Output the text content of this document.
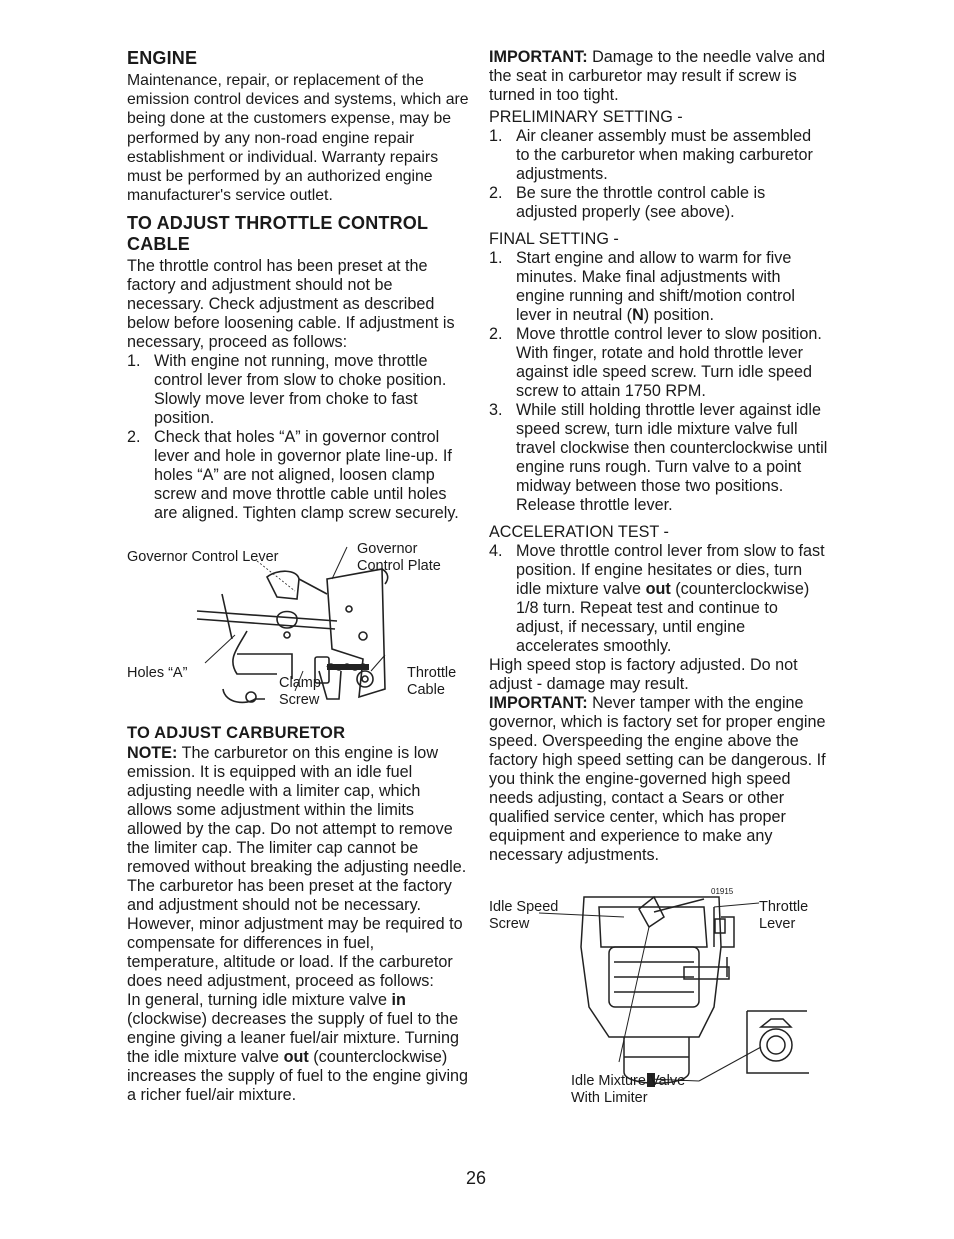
ENGINE

Maintenance, repair, or replacement of the emission control devices and systems, which are being done at the customers expense, may be performed by any non-road engine repair establishment or individual. Warranty repairs must be performed by an authorized engine manufacturer's service outlet.

TO ADJUST THROTTLE CONTROL CABLE

The throttle control has been preset at the factory and adjustment should not be necessary. Check adjustment as described below before loosening cable. If adjustment is necessary, proceed as follows:

1. With engine not running, move throttle control lever from slow to choke position. Slowly move lever from choke to fast position.
2. Check that holes “A” in governor control lever and hole in governor plate line-up. If holes “A” are not aligned, loosen clamp screw and move throttle cable until holes are aligned. Tighten clamp screw securely.
Governor Control Lever	Governor
Control Plate
Holes “A”
Clamp
Screw
Throttle
Cable

TO ADJUST CARBURETOR

NOTE: The carburetor on this engine is low emission. It is equipped with an idle fuel adjusting needle with a limiter cap, which allows some adjustment within the limits allowed by the cap. Do not attempt to remove the limiter cap. The limiter cap cannot be removed without breaking the adjusting needle.

The carburetor has been preset at the factory and adjustment should not be necessary. However, minor adjustment may be required to compensate for differences in fuel, temperature, altitude or load. If the carburetor does need adjustment, proceed as follows:

In general, turning idle mixture valve in (clockwise) decreases the supply of fuel to the engine giving a leaner fuel/air mixture. Turning the idle mixture valve out (counterclockwise) increases the supply of fuel to the engine giving a richer fuel/air mixture.

IMPORTANT: Damage to the needle valve and the seat in carburetor may result if screw is turned in too tight.

PRELIMINARY SETTING -

1. Air cleaner assembly must be assembled to the carburetor when making carburetor adjustments.
2. Be sure the throttle control cable is adjusted properly (see above).

FINAL SETTING -

1. Start engine and allow to warm for five minutes. Make final adjustments with engine running and shift/motion control lever in neutral (N) position.
2. Move throttle control lever to slow position. With finger, rotate and hold throttle lever against idle speed screw. Turn idle speed screw to attain 1750 RPM.
3. While still holding throttle lever against idle speed screw, turn idle mixture valve full travel clockwise then counterclockwise until engine runs rough. Turn valve to a point midway between those two positions. Release throttle lever.

ACCELERATION TEST -

4. Move throttle control lever from slow to fast position. If engine hesitates or dies, turn idle mixture valve out (counterclockwise) 1/8 turn. Repeat test and continue to adjust, if necessary, until engine accelerates smoothly.

High speed stop is factory adjusted. Do not adjust - damage may result.

IMPORTANT: Never tamper with the engine governor, which is factory set for proper engine speed. Overspeeding the engine above the factory high speed setting can be dangerous. If you think the engine-governed high speed needs adjusting, contact a Sears or other qualified service center, which has proper equipment and experience to make any necessary adjustments.

01915
Idle Speed
Screw
Throttle
Lever
Idle Mixture Valve
With Limiter
26
